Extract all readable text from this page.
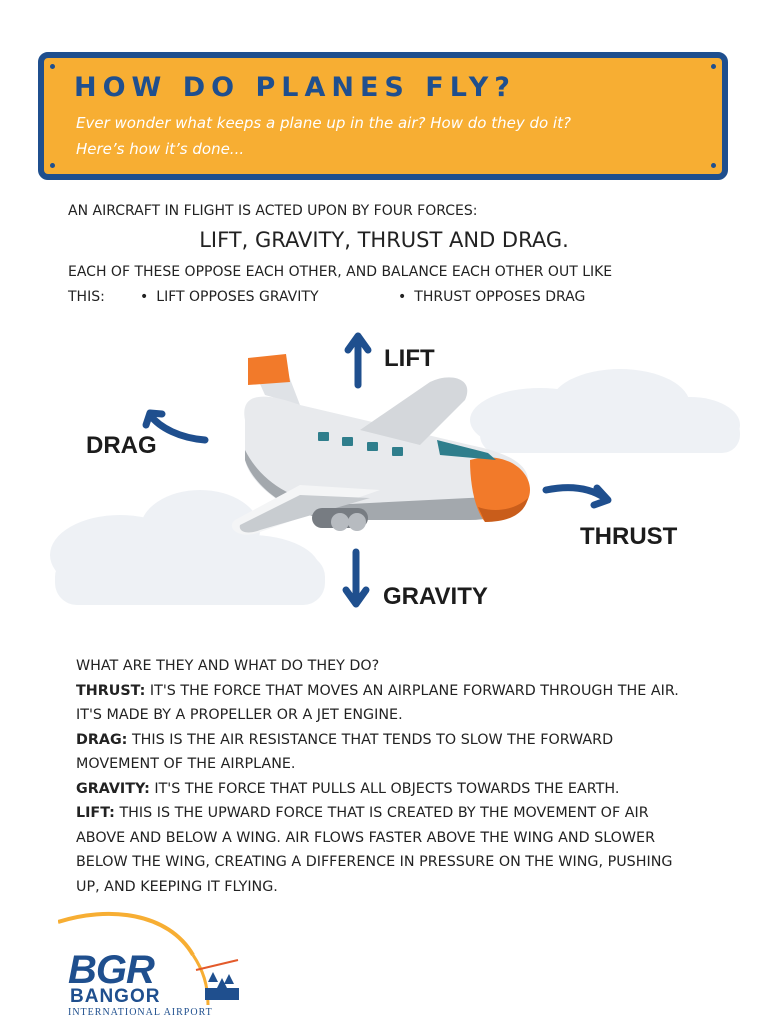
HOW DO PLANES FLY?
Ever wonder what keeps a plane up in the air? How do they do it?
Here’s how it’s done...
AN AIRCRAFT IN FLIGHT IS ACTED UPON BY FOUR FORCES:
LIFT, GRAVITY, THRUST AND DRAG.
EACH OF THESE OPPOSE EACH OTHER, AND BALANCE EACH OTHER OUT LIKE
THIS:	• LIFT OPPOSES GRAVITY	• THRUST OPPOSES DRAG
LIFT
DRAG
THRUST
GRAVITY

WHAT ARE THEY AND WHAT DO THEY DO?

THRUST: IT'S THE FORCE THAT MOVES AN AIRPLANE FORWARD THROUGH THE AIR.

IT'S MADE BY A PROPELLER OR A JET ENGINE.

DRAG: THIS IS THE AIR RESISTANCE THAT TENDS TO SLOW THE FORWARD

MOVEMENT OF THE AIRPLANE.

GRAVITY: IT'S THE FORCE THAT PULLS ALL OBJECTS TOWARDS THE EARTH.

LIFT: THIS IS THE UPWARD FORCE THAT IS CREATED BY THE MOVEMENT OF AIR

ABOVE AND BELOW A WING. AIR FLOWS FASTER ABOVE THE WING AND SLOWER

BELOW THE WING, CREATING A DIFFERENCE IN PRESSURE ON THE WING, PUSHING

UP, AND KEEPING IT FLYING.

BGR
BANGOR
INTERNATIONAL AIRPORT
